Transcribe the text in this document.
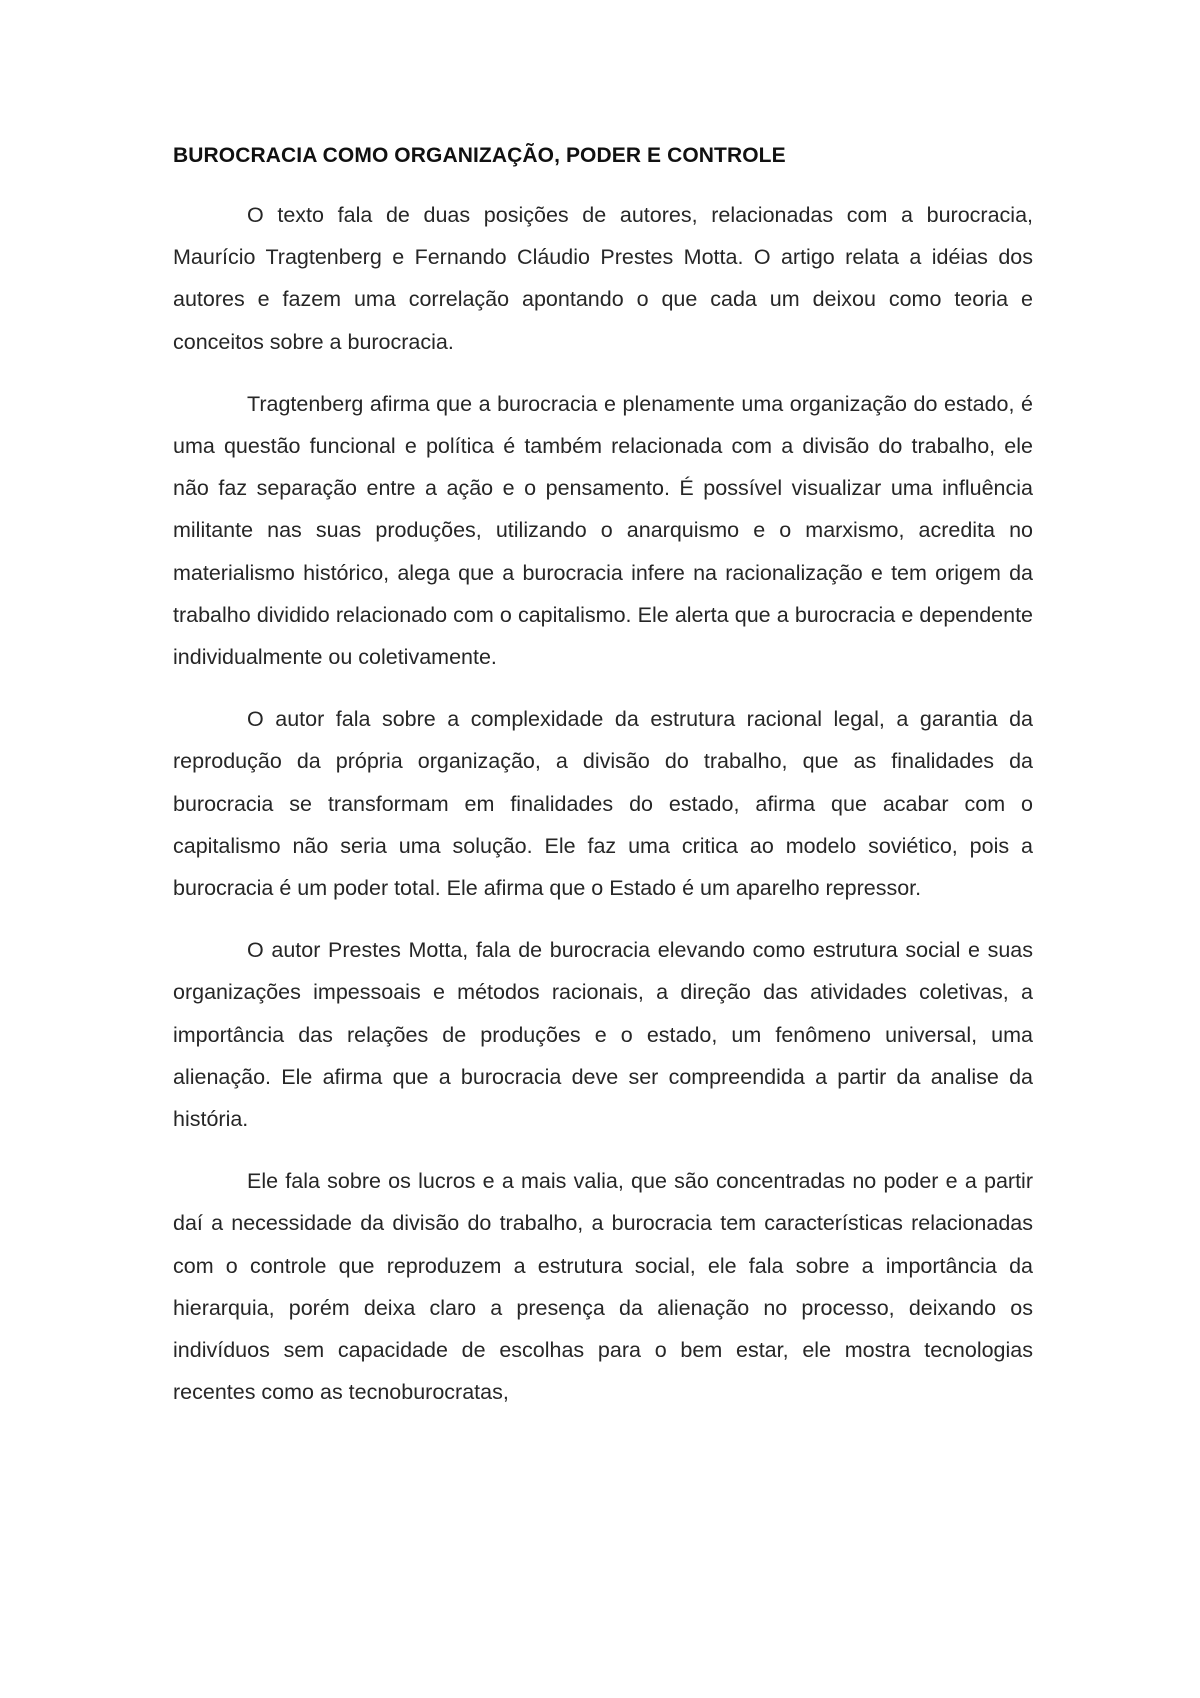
BUROCRACIA COMO ORGANIZAÇÃO, PODER E CONTROLE

O texto fala de duas posições de autores, relacionadas com a burocracia, Maurício Tragtenberg e Fernando Cláudio Prestes Motta. O artigo relata a idéias dos autores e fazem uma correlação apontando o que cada um deixou como teoria e conceitos sobre a burocracia.

Tragtenberg afirma que a burocracia e plenamente uma organização do estado, é uma questão funcional e política é também relacionada com a divisão do trabalho, ele não faz separação entre a ação e o pensamento. É possível visualizar uma influência militante nas suas produções, utilizando o anarquismo e o marxismo, acredita no materialismo histórico, alega que a burocracia infere na racionalização e tem origem da trabalho dividido relacionado com o capitalismo. Ele alerta que a burocracia e dependente individualmente ou coletivamente.

O autor fala sobre a complexidade da estrutura racional legal, a garantia da reprodução da própria organização, a divisão do trabalho, que as finalidades da burocracia se transformam em finalidades do estado, afirma que acabar com o capitalismo não seria uma solução. Ele faz uma critica ao modelo soviético, pois a burocracia é um poder total. Ele afirma que o Estado é um aparelho repressor.

O autor Prestes Motta, fala de burocracia elevando como estrutura social e suas organizações impessoais e métodos racionais, a direção das atividades coletivas, a importância das relações de produções e o estado, um fenômeno universal, uma alienação. Ele afirma que a burocracia deve ser compreendida a partir da analise da história.

Ele fala sobre os lucros e a mais valia, que são concentradas no poder e a partir daí a necessidade da divisão do trabalho, a burocracia tem características relacionadas com o controle que reproduzem a estrutura social, ele fala sobre a importância da hierarquia, porém deixa claro a presença da alienação no processo, deixando os indivíduos sem capacidade de escolhas para o bem estar, ele mostra tecnologias recentes como as tecnoburocratas,
